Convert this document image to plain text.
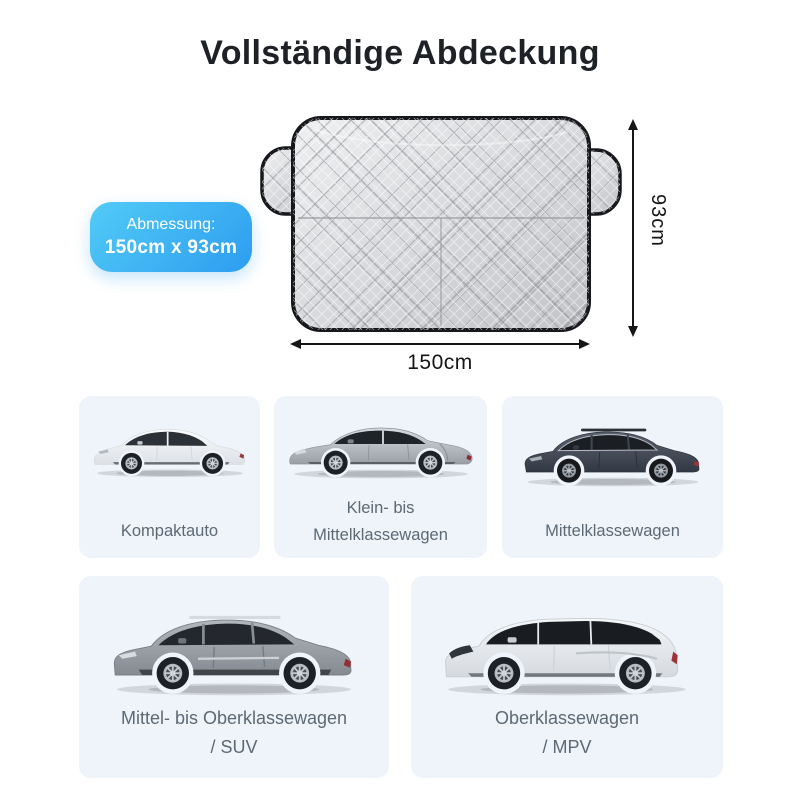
Vollständige Abdeckung
Abmessung:
150cm x 93cm
93cm
150cm
Kompaktauto
Klein- bis
Mittelklassewagen	Mittelklassewagen
Mittel- bis Oberklassewagen
/ SUV
Oberklassewagen
/ MPV
